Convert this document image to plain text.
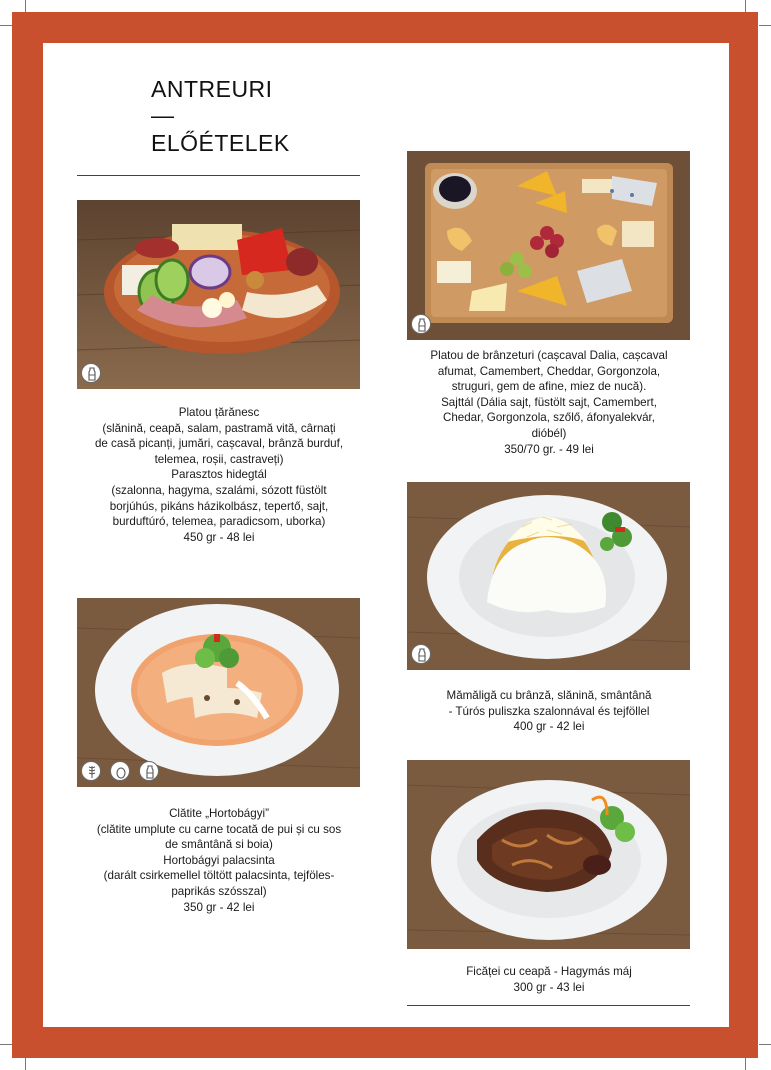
ANTREURI
—
ELŐÉTELEK
Platou țărănesc
(slănină, ceapă, salam, pastramă vită, cârnați
de casă picanți, jumări, cașcaval, brânză burduf,
telemea, roșii, castraveți)
Parasztos hidegtál
(szalonna, hagyma, szalámi, sózott füstölt
borjúhús, pikáns házikolbász, tepertő, sajt,
burduftúró, telemea, paradicsom, uborka)
450 gr - 48 lei
Platou de brânzeturi (cașcaval Dalia, cașcaval
afumat, Camembert, Cheddar, Gorgonzola,
struguri, gem de afine, miez de nucă).
Sajttál (Dália sajt, füstölt sajt, Camembert,
Chedar, Gorgonzola, szőlő, áfonyalekvár,
dióbél)
350/70 gr. - 49 lei
Mămăligă cu brânză, slănină, smântână
- Túrós puliszka szalonnával és tejföllel
400 gr - 42 lei
Clătite „Hortobágyi”
(clătite umplute cu carne tocată de pui și cu sos
de smântână si boia)
Hortobágyi palacsinta
(darált csirkemellel töltött palacsinta, tejföles-
paprikás szósszal)
350 gr - 42 lei
Ficăței cu ceapă - Hagymás máj
300 gr - 43 lei
